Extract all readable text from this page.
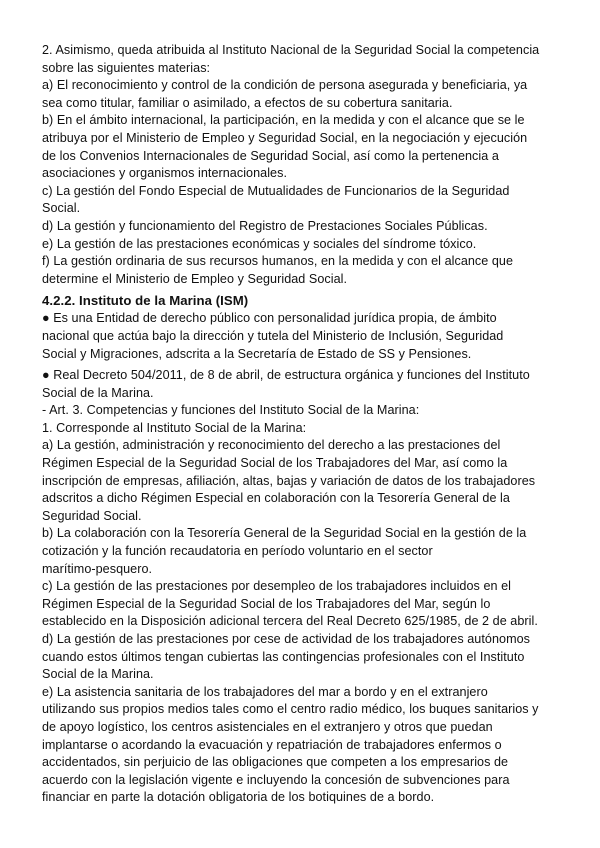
2. Asimismo, queda atribuida al Instituto Nacional de la Seguridad Social la competencia
sobre las siguientes materias:

a) El reconocimiento y control de la condición de persona asegurada y beneficiaria, ya
sea como titular, familiar o asimilado, a efectos de su cobertura sanitaria.

b) En el ámbito internacional, la participación, en la medida y con el alcance que se le
atribuya por el Ministerio de Empleo y Seguridad Social, en la negociación y ejecución
de los Convenios Internacionales de Seguridad Social, así como la pertenencia a
asociaciones y organismos internacionales.

c) La gestión del Fondo Especial de Mutualidades de Funcionarios de la Seguridad
Social.

d) La gestión y funcionamiento del Registro de Prestaciones Sociales Públicas.

e) La gestión de las prestaciones económicas y sociales del síndrome tóxico.

f) La gestión ordinaria de sus recursos humanos, en la medida y con el alcance que
determine el Ministerio de Empleo y Seguridad Social.

4.2.2. Instituto de la Marina (ISM)

● Es una Entidad de derecho público con personalidad jurídica propia, de ámbito
nacional que actúa bajo la dirección y tutela del Ministerio de Inclusión, Seguridad
Social y Migraciones, adscrita a la Secretaría de Estado de SS y Pensiones.

● Real Decreto 504/2011, de 8 de abril, de estructura orgánica y funciones del Instituto
Social de la Marina.

- Art. 3. Competencias y funciones del Instituto Social de la Marina:

1. Corresponde al Instituto Social de la Marina:

a) La gestión, administración y reconocimiento del derecho a las prestaciones del
Régimen Especial de la Seguridad Social de los Trabajadores del Mar, así como la
inscripción de empresas, afiliación, altas, bajas y variación de datos de los trabajadores
adscritos a dicho Régimen Especial en colaboración con la Tesorería General de la
Seguridad Social.

b) La colaboración con la Tesorería General de la Seguridad Social en la gestión de la
cotización y la función recaudatoria en período voluntario en el sector
marítimo-pesquero.

c) La gestión de las prestaciones por desempleo de los trabajadores incluidos en el
Régimen Especial de la Seguridad Social de los Trabajadores del Mar, según lo
establecido en la Disposición adicional tercera del Real Decreto 625/1985, de 2 de abril.

d) La gestión de las prestaciones por cese de actividad de los trabajadores autónomos
cuando estos últimos tengan cubiertas las contingencias profesionales con el Instituto
Social de la Marina.

e) La asistencia sanitaria de los trabajadores del mar a bordo y en el extranjero
utilizando sus propios medios tales como el centro radio médico, los buques sanitarios y
de apoyo logístico, los centros asistenciales en el extranjero y otros que puedan
implantarse o acordando la evacuación y repatriación de trabajadores enfermos o
accidentados, sin perjuicio de las obligaciones que competen a los empresarios de
acuerdo con la legislación vigente e incluyendo la concesión de subvenciones para
financiar en parte la dotación obligatoria de los botiquines de a bordo.
